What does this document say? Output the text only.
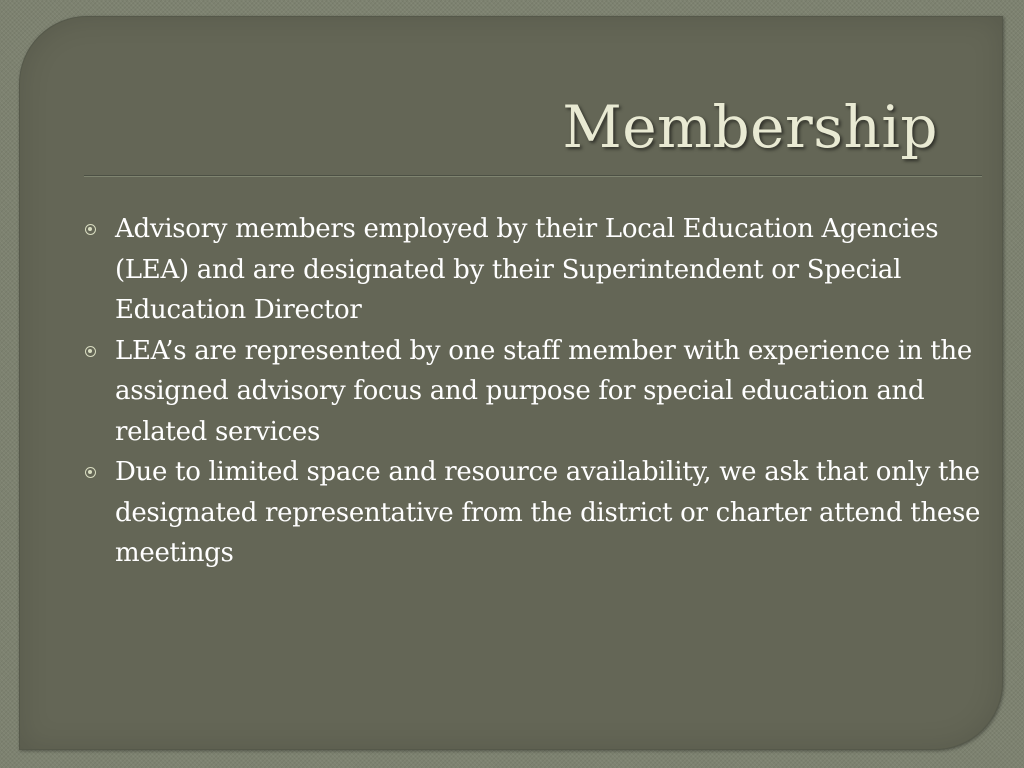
Membership
Advisory members employed by their Local Education Agencies (LEA) and are designated by their Superintendent or Special Education Director
LEA’s are represented by one staff member with experience in the assigned advisory focus and purpose for special education and related services
Due to limited space and resource availability, we ask that only the designated representative from the district or charter attend these meetings
